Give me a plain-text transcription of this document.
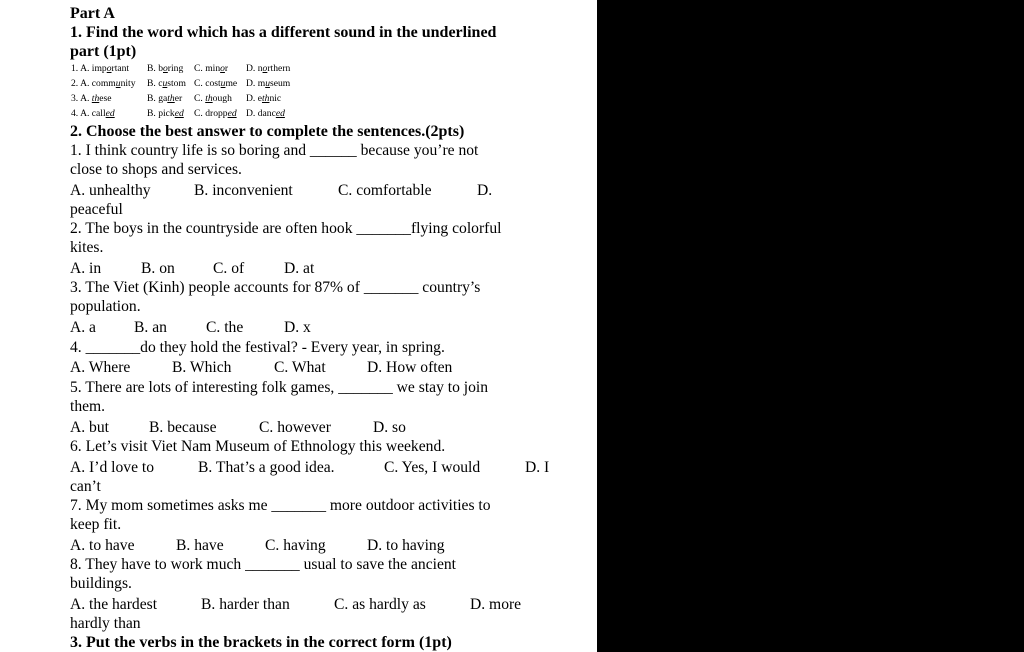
Part A
1. Find the word which has a different sound in the underlined
part (1pt)
1. A. important B. boring C. minor D. northern
2. A. community B. custom C. costume D. museum
3. A. these	B. gather C. though D. ethnic
4. A. called	B. picked C. dropped D. danced
2. Choose the best answer to complete the sentences.(2pts)
1. I think country life is so boring and ______ because you’re not
close to shops and services.
A. unhealthy	B. inconvenient	C. comfortable	D.
peaceful
2. The boys in the countryside are often hook _______flying colorful
kites.
A. in	B. on C. of	D. at
3. The Viet (Kinh) people accounts for 87% of _______ country’s
population.
A. a B. an	C. the	D. x
4. _______do they hold the festival? - Every year, in spring.
A. Where	B. Which	C. What	D. How often
5. There are lots of interesting folk games, _______ we stay to join
them.
A. but	B. because	C. however	D. so
6. Let’s visit Viet Nam Museum of Ethnology this weekend.
A. I’d love to	B. That’s a good idea.	C. Yes, I would	D. I
can’t
7. My mom sometimes asks me _______ more outdoor activities to
keep fit.
A. to have	B. have	C. having	D. to having
8. They have to work much _______ usual to save the ancient
buildings.
A. the hardest	B. harder than	C. as hardly as	D. more
hardly than
3. Put the verbs in the brackets in the correct form (1pt)
